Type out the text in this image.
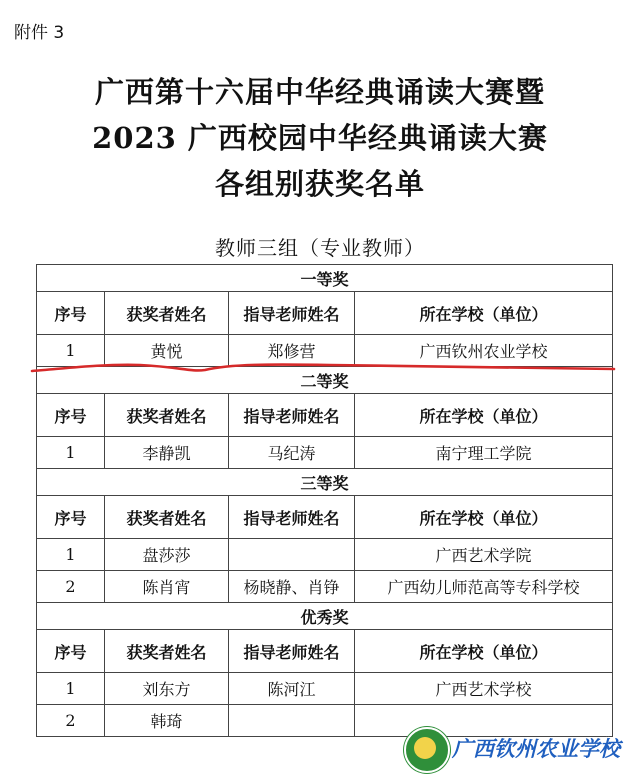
附件 3
广西第十六届中华经典诵读大赛暨
2023 广西校园中华经典诵读大赛
各组别获奖名单
教师三组（专业教师）
一等奖			
序号	获奖者姓名	指导老师姓名	所在学校（单位）
1	黄悦	郑修营	广西钦州农业学校
二等奖			
序号	获奖者姓名	指导老师姓名	所在学校（单位）
1	李静凯	马纪涛	南宁理工学院
三等奖			
序号	获奖者姓名	指导老师姓名	所在学校（单位）
1	盘莎莎		广西艺术学院
2	陈肖宵	杨晓静、肖铮	广西幼儿师范高等专科学校
优秀奖			
序号	获奖者姓名	指导老师姓名	所在学校（单位）
1	刘东方	陈河江	广西艺术学校
2	韩琦		
广西钦州农业学校
